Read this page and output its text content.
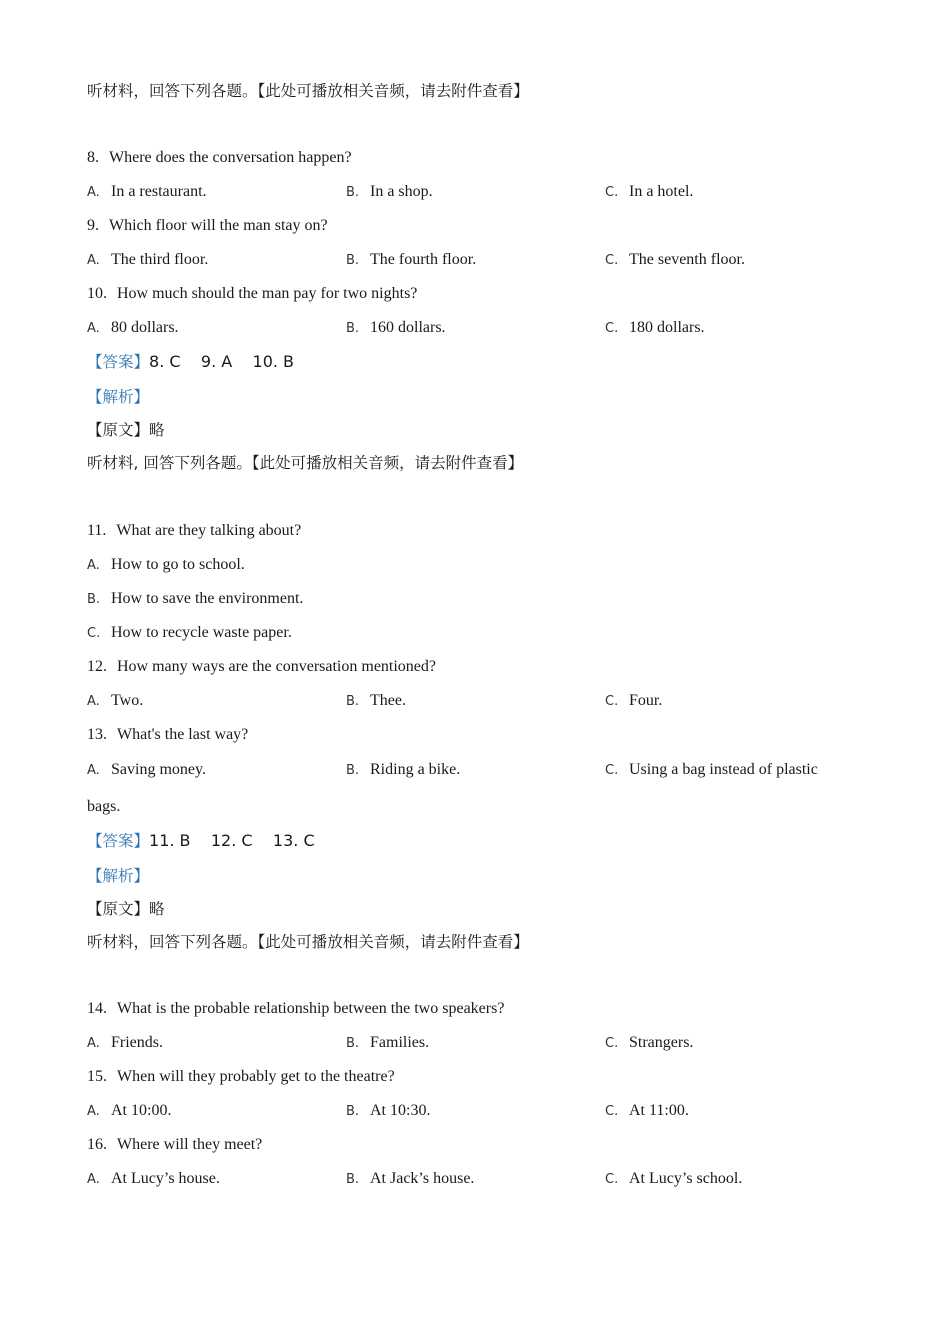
听材料，回答下列各题。【此处可播放相关音频，请去附件查看】
8. Where does the conversation happen?
A. In a restaurant.	B. In a shop.	C. In a hotel.
9. Which floor will the man stay on?
A. The third floor.	B. The fourth floor.	C. The seventh floor.
10. How much should the man pay for two nights?
A. 80 dollars.	B. 160 dollars.	C. 180 dollars.
【答案】8. C    9. A    10. B
【解析】
【原文】略
听材料, 回答下列各题。【此处可播放相关音频，请去附件查看】
11. What are they talking about?
A. How to go to school.
B. How to save the environment.
C. How to recycle waste paper.
12. How many ways are the conversation mentioned?
A. Two.	B. Thee.	C. Four.
13. What's the last way?
A. Saving money.	B. Riding a bike.	C. Using a bag instead of plastic
bags.
【答案】11. B    12. C    13. C
【解析】
【原文】略
听材料，回答下列各题。【此处可播放相关音频，请去附件查看】
14. What is the probable relationship between the two speakers?
A. Friends.	B. Families.	C. Strangers.
15. When will they probably get to the theatre?
A. At 10:00.	B. At 10:30.	C. At 11:00.
16. Where will they meet?
A. At Lucy’s house.	B. At Jack’s house.	C. At Lucy’s school.
